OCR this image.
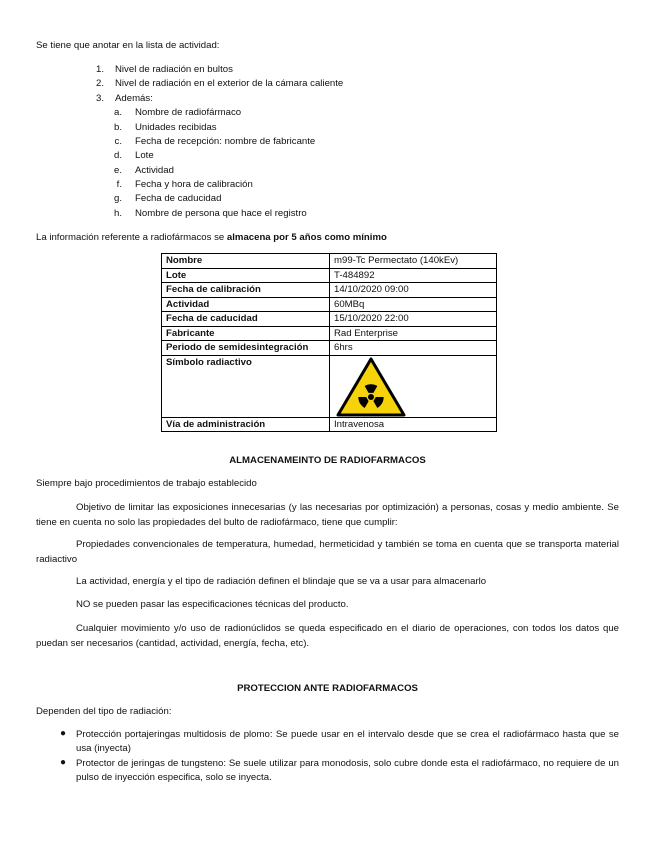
Se tiene que anotar en la lista de actividad:
1. Nivel de radiación en bultos
2. Nivel de radiación en el exterior de la cámara caliente
3. Además:
a. Nombre de radiofármaco
b. Unidades recibidas
c. Fecha de recepción: nombre de fabricante
d. Lote
e. Actividad
f. Fecha y hora de calibración
g. Fecha de caducidad
h. Nombre de persona que hace el registro
La información referente a radiofármacos se almacena por 5 años como mínimo
Nombre	m99-Tc Permectato (140kEv)
Lote	T-484892
Fecha de calibración	14/10/2020 09:00
Actividad	60MBq
Fecha de caducidad	15/10/2020 22:00
Fabricante	Rad Enterprise
Periodo de semidesintegración	6hrs
Símbolo radiactivo	

Vía de administración	Intravenosa
ALMACENAMEINTO DE RADIOFARMACOS
Siempre bajo procedimientos de trabajo establecido
Objetivo de limitar las exposiciones innecesarias (y las necesarias por optimización) a personas, cosas y medio ambiente. Se tiene en cuenta no solo las propiedades del bulto de radiofármaco, tiene que cumplir:
Propiedades convencionales de temperatura, humedad, hermeticidad y también se toma en cuenta que se transporta material radiactivo
La actividad, energía y el tipo de radiación definen el blindaje que se va a usar para almacenarlo
NO se pueden pasar las especificaciones técnicas del producto.
Cualquier movimiento y/o uso de radionúclidos se queda especificado en el diario de operaciones, con todos los datos que puedan ser necesarios (cantidad, actividad, energía, fecha, etc).
PROTECCION ANTE RADIOFARMACOS
Dependen del tipo de radiación:
● Protección portajeringas multidosis de plomo: Se puede usar en el intervalo desde que se crea el radiofármaco hasta que se usa (inyecta)
● Protector de jeringas de tungsteno: Se suele utilizar para monodosis, solo cubre donde esta el radiofármaco, no requiere de un pulso de inyección especifica, solo se inyecta.
